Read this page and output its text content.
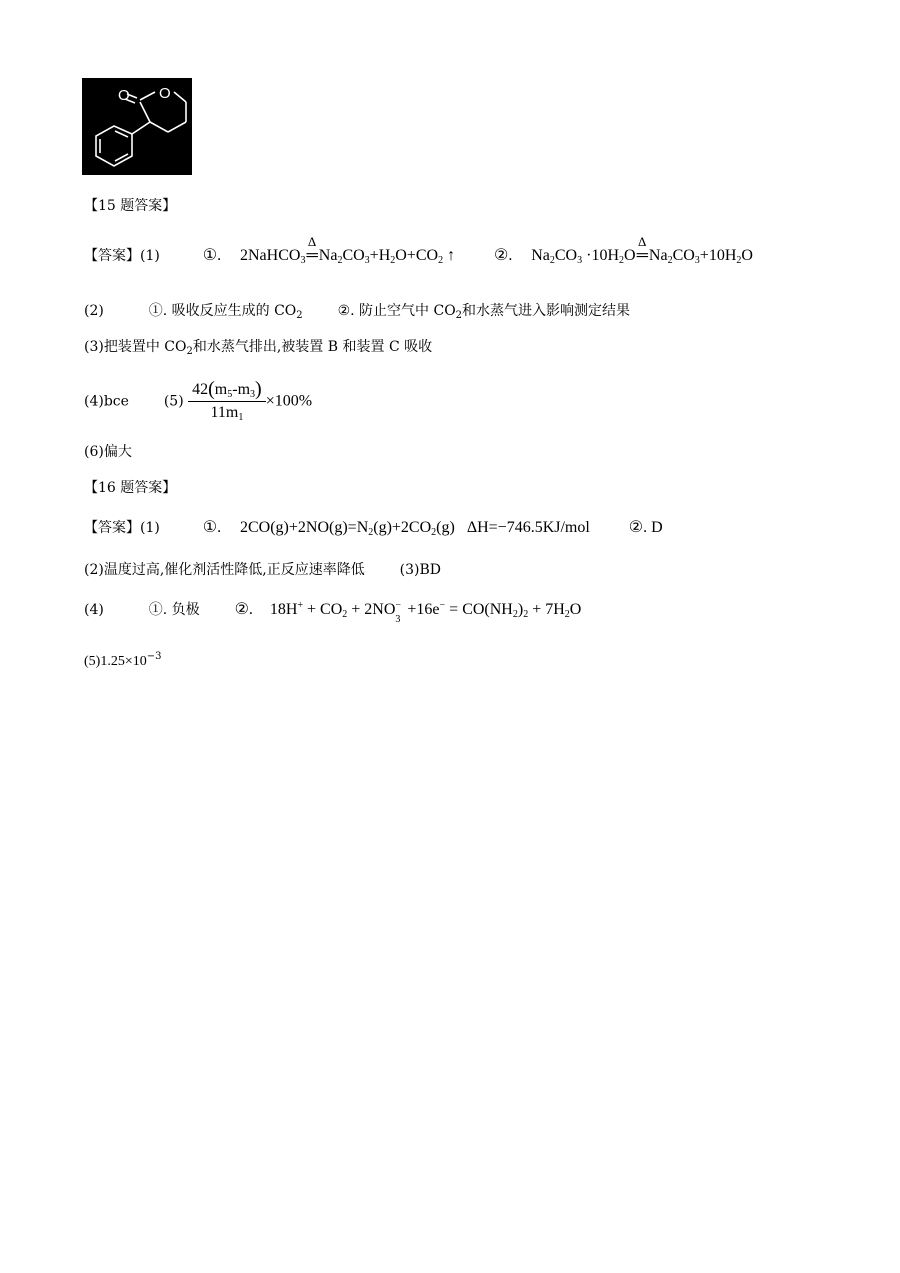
O O
【15 题答案】
【答案】(1)	①. 2NaHCO$_3$
Δ
$═Na_2CO_3+H_2O+CO_2$ ↑ ②. $Na_2CO_3 \cdot 10H_2O$
Δ
$═Na_2CO_3+10H_2O$
(2)	①. 吸收反应生成的 $CO_2$ ②. 防止空气中 $CO_2$和水蒸气进入影响测定结果
(3)把装置中 $CO_2$和水蒸气排出,被装置 B 和装置 C 吸收
(4)bce $(5) \frac{42(m_5-m_3)}{11m_1} \times 100\%$
(6)偏大
【16 题答案】
【答案】(1)	①. $2CO(g)+2NO(g)=N_2(g)+2CO_2(g)$   ΔH=−746.5KJ/mol ②. D
(2)温度过高,催化剂活性降低,正反应速率降低 (3)BD
(4)	①. 负极 ②. $18H^+ + CO_2 + 2NO$ −
3
$+16e^- = CO(NH_2)_2 + 7H_2O$
$(5)1.25\times 10^{-3}$
